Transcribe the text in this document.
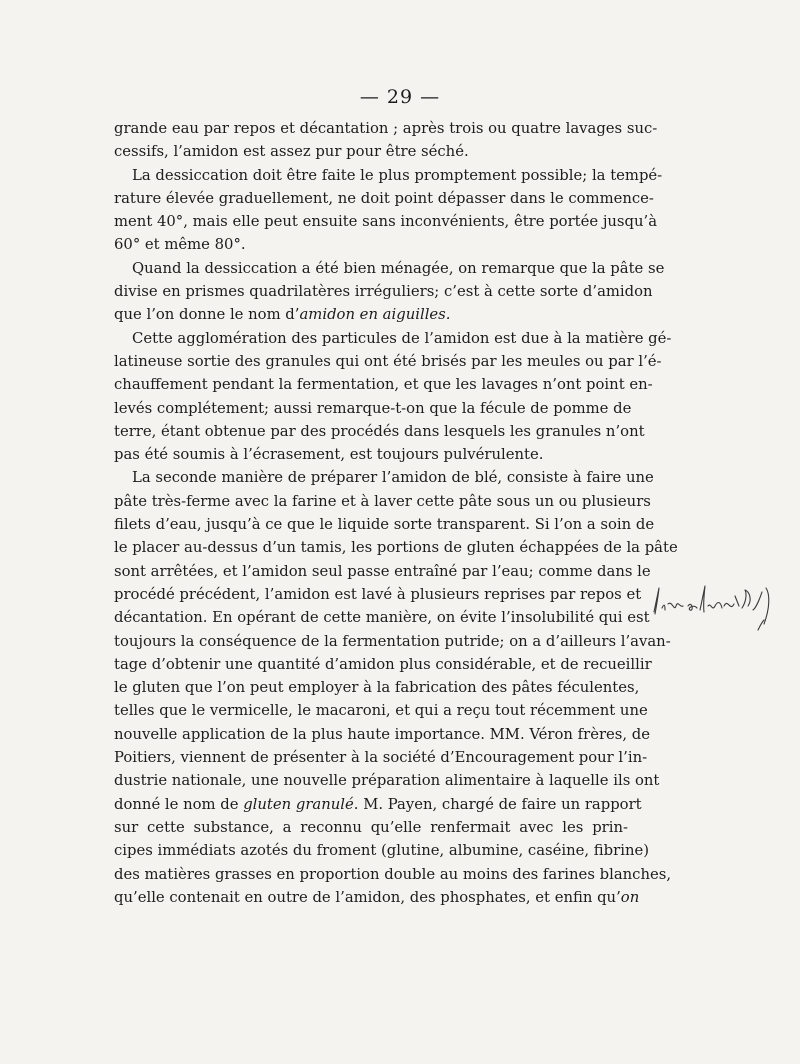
— 29 —
grande eau par repos et décantation ; après trois ou quatre lavages suc-
cessifs, l’amidon est assez pur pour être séché.
La dessiccation doit être faite le plus promptement possible; la tempé-
rature élevée graduellement, ne doit point dépasser dans le commence-
ment 40°, mais elle peut ensuite sans inconvénients, être portée jusqu’à
60° et même 80°.
Quand la dessiccation a été bien ménagée, on remarque que la pâte se
divise en prismes quadrilatères irréguliers; c’est à cette sorte d’amidon
que l’on donne le nom d’amidon en aiguilles.
Cette agglomération des particules de l’amidon est due à la matière gé-
latineuse sortie des granules qui ont été brisés par les meules ou par l’é-
chauffement pendant la fermentation, et que les lavages n’ont point en-
levés complétement; aussi remarque-t-on que la fécule de pomme de
terre, étant obtenue par des procédés dans lesquels les granules n’ont
pas été soumis à l’écrasement, est toujours pulvérulente.
La seconde manière de préparer l’amidon de blé, consiste à faire une
pâte très-ferme avec la farine et à laver cette pâte sous un ou plusieurs
filets d’eau, jusqu’à ce que le liquide sorte transparent. Si l’on a soin de
le placer au-dessus d’un tamis, les portions de gluten échappées de la pâte
sont arrêtées, et l’amidon seul passe entraîné par l’eau; comme dans le
procédé précédent, l’amidon est lavé à plusieurs reprises par repos et
décantation. En opérant de cette manière, on évite l’insolubilité qui est
toujours la conséquence de la fermentation putride; on a d’ailleurs l’avan-
tage d’obtenir une quantité d’amidon plus considérable, et de recueillir
le gluten que l’on peut employer à la fabrication des pâtes féculentes,
telles que le vermicelle, le macaroni, et qui a reçu tout récemment une
nouvelle application de la plus haute importance. MM. Véron frères, de
Poitiers, viennent de présenter à la société d’Encouragement pour l’in-
dustrie nationale, une nouvelle préparation alimentaire à laquelle ils ont
donné le nom de gluten granulé. M. Payen, chargé de faire un rapport
sur cette substance, a reconnu qu’elle renfermait avec les prin-
cipes immédiats azotés du froment (glutine, albumine, caséine, fibrine)
des matières grasses en proportion double au moins des farines blanches,
qu’elle contenait en outre de l’amidon, des phosphates, et enfin qu’on
